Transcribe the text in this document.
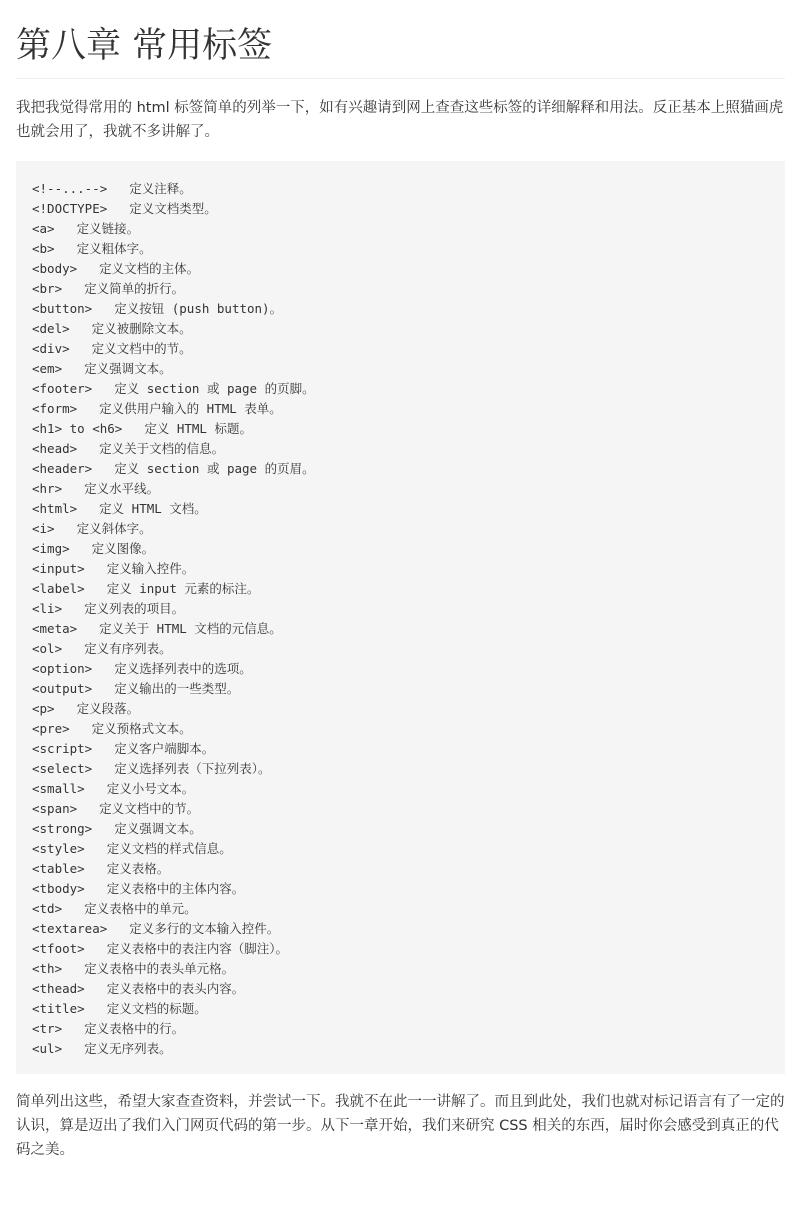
第八章 常用标签

我把我觉得常用的 html 标签简单的列举一下，如有兴趣请到网上查查这些标签的详细解释和用法。反正基本上照猫画虎也就会用了，我就不多讲解了。

<!--...--> 定义注释。
<!DOCTYPE> 定义文档类型。
<a> 定义链接。
<b> 定义粗体字。
<body> 定义文档的主体。
<br> 定义简单的折行。
<button> 定义按钮 (push button)。
<del> 定义被删除文本。
<div> 定义文档中的节。
<em> 定义强调文本。
<footer> 定义 section 或 page 的页脚。
<form> 定义供用户输入的 HTML 表单。
<h1> to <h6> 定义 HTML 标题。
<head> 定义关于文档的信息。
<header> 定义 section 或 page 的页眉。
<hr> 定义水平线。
<html> 定义 HTML 文档。
<i> 定义斜体字。
<img> 定义图像。
<input> 定义输入控件。
<label> 定义 input 元素的标注。
<li> 定义列表的项目。
<meta> 定义关于 HTML 文档的元信息。
<ol> 定义有序列表。
<option> 定义选择列表中的选项。
<output> 定义输出的一些类型。
<p> 定义段落。
<pre> 定义预格式文本。
<script> 定义客户端脚本。
<select> 定义选择列表（下拉列表）。
<small> 定义小号文本。
<span> 定义文档中的节。
<strong> 定义强调文本。
<style> 定义文档的样式信息。
<table> 定义表格。
<tbody> 定义表格中的主体内容。
<td> 定义表格中的单元。
<textarea> 定义多行的文本输入控件。
<tfoot> 定义表格中的表注内容（脚注）。
<th> 定义表格中的表头单元格。
<thead> 定义表格中的表头内容。
<title> 定义文档的标题。
<tr> 定义表格中的行。
<ul> 定义无序列表。

简单列出这些，希望大家查查资料，并尝试一下。我就不在此一一讲解了。而且到此处，我们也就对标记语言有了一定的认识，算是迈出了我们入门网页代码的第一步。从下一章开始，我们来研究 CSS 相关的东西，届时你会感受到真正的代码之美。
